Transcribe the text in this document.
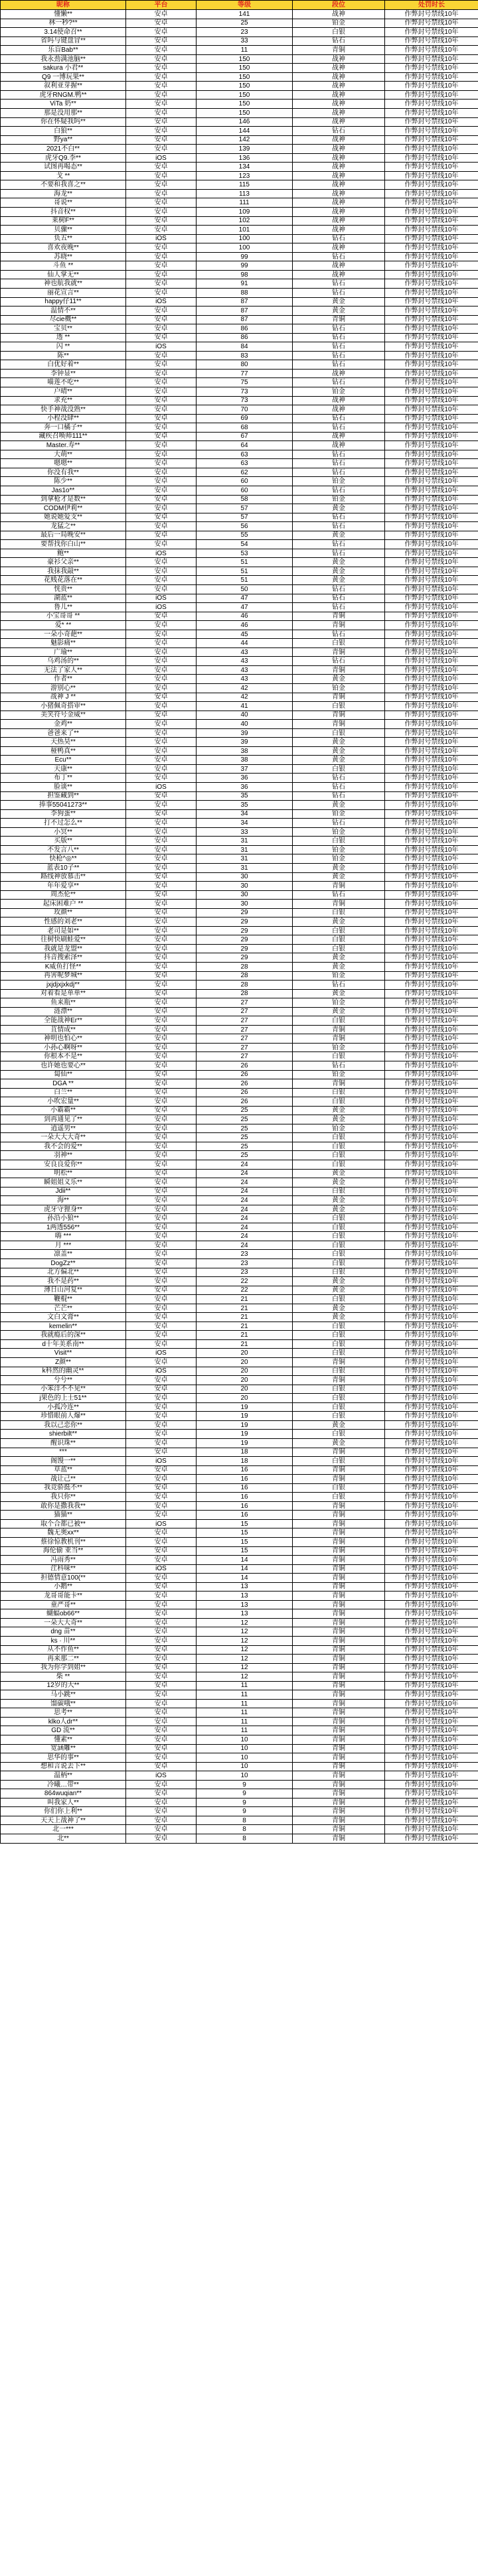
昵称	平台	等级	段位	处罚时长
懂懒**	安卓	141	战神	作弊封号禁线10年
林一秒?**	安卓	25	铂金	作弊封号禁线10年
3.14使命召**	安卓	23	白银	作弊封号禁线10年
省吗与键盘冒**	安卓	33	钻石	作弊封号禁线10年
乐盲Bab**	安卓	11	青铜	作弊封号禁线10年
我永劲满池脑**	安卓	150	战神	作弊封号禁线10年
sakura 小君**	安卓	150	战神	作弊封号禁线10年
Q9 一博玩果**	安卓	150	战神	作弊封号禁线10年
叙利亚芽握**	安卓	150	战神	作弊封号禁线10年
虎牙RNGM.鸭**	安卓	150	战神	作弊封号禁线10年
ViTa 奶**	安卓	150	战神	作弊封号禁线10年
那是没用那**	安卓	150	战神	作弊封号禁线10年
你在怀疑我吗**	安卓	146	战神	作弊封号禁线10年
白狼**	安卓	144	钻石	作弊封号禁线10年
野ya**	安卓	142	战神	作弊封号禁线10年
2021不白**	安卓	139	战神	作弊封号禁线10年
虎牙Q9.李**	iOS	136	战神	作弊封号禁线10年
试图再喝态**	安卓	134	战神	作弊封号禁线10年
戈 **	安卓	123	战神	作弊封号禁线10年
不要和我喜之**	安卓	115	战神	作弊封号禁线10年
海龙**	安卓	113	战神	作弊封号禁线10年
哥说**	安卓	111	战神	作弊封号禁线10年
抖音权**	安卓	109	战神	作弊封号禁线10年
莱树F**	安卓	102	战神	作弊封号禁线10年
贝骤**	安卓	101	战神	作弊封号禁线10年
负五**	iOS	100	钻石	作弊封号禁线10年
喜欢夜晚**	安卓	100	战神	作弊封号禁线10年
苏晓**	安卓	99	钻石	作弊封号禁线10年
斗鱼 **	安卓	99	战神	作弊封号禁线10年
仙人掌无**	安卓	98	战神	作弊封号禁线10年
神也航我就**	安卓	91	钻石	作弊封号禁线10年
丽花宣言**	安卓	88	钻石	作弊封号禁线10年
happy仔11**	iOS	87	黄金	作弊封号禁线10年
温情不**	安卓	87	黄金	作弊封号禁线10年
尽cie概**	安卓	87	青铜	作弊封号禁线10年
宝贝**	安卓	86	钻石	作弊封号禁线10年
透 **	安卓	86	钻石	作弊封号禁线10年
闪 **	iOS	84	钻石	作弊封号禁线10年
陈**	安卓	83	钻石	作弊封号禁线10年
白优好着**	安卓	80	钻石	作弊封号禁线10年
李钟显**	安卓	77	战神	作弊封号禁线10年
喵莲不吃**	安卓	75	钻石	作弊封号禁线10年
户晴**	安卓	73	铂金	作弊封号禁线10年
求充**	安卓	73	战神	作弊封号禁线10年
快手神战没熟**	安卓	70	战神	作弊封号禁线10年
小程没肆**	安卓	69	钻石	作弊封号禁线10年
奔一口橘子**	安卓	68	钻石	作弊封号禁线10年
藏疾召唤师111**	安卓	67	战神	作弊封号禁线10年
Master.寿**	安卓	64	战神	作弊封号禁线10年
大萌**	安卓	63	钻石	作弊封号禁线10年
嗯嗯**	安卓	63	钻石	作弊封号禁线10年
你没有我**	安卓	62	钻石	作弊封号禁线10年
陈少**	安卓	60	铂金	作弊封号禁线10年
Jas1o**	安卓	60	钻石	作弊封号禁线10年
到拿枪才是数**	安卓	58	铂金	作弊封号禁线10年
CODM伊莉**	安卓	57	黄金	作弊封号禁线10年
她说她爱支**	安卓	57	钻石	作弊封号禁线10年
龙猛之**	安卓	56	钻石	作弊封号禁线10年
最后一局晚安**	安卓	55	黄金	作弊封号禁线10年
要帮找你白山**	安卓	54	钻石	作弊封号禁线10年
鲍**	iOS	53	钻石	作弊封号禁线10年
豪衫父亲**	安卓	51	黄金	作弊封号禁线10年
我抹我敲**	安卓	51	黄金	作弊封号禁线10年
花贱花落在**	安卓	51	黄金	作弊封号禁线10年
恍贵**	安卓	50	钻石	作弊封号禁线10年
湖蓝**	iOS	47	钻石	作弊封号禁线10年
鲁儿**	iOS	47	钻石	作弊封号禁线10年
小宝哥哥 **	安卓	46	青铜	作弊封号禁线10年
爱* **	安卓	46	青铜	作弊封号禁线10年
一朵小奇葩**	安卓	45	钻石	作弊封号禁线10年
魅影痛**	安卓	44	白银	作弊封号禁线10年
广瑜**	安卓	43	青铜	作弊封号禁线10年
乌鸡汤的**	安卓	43	钻石	作弊封号禁线10年
无法了家人**	安卓	43	青铜	作弊封号禁线10年
作者**	安卓	43	黄金	作弊封号禁线10年
游别心**	安卓	42	铂金	作弊封号禁线10年
战神 J **	安卓	42	青铜	作弊封号禁线10年
小猪佩奇搭审**	安卓	41	白银	作弊封号禁线10年
美笑符号金威**	安卓	40	青铜	作弊封号禁线10年
金鸡**	安卓	40	青铜	作弊封号禁线10年
爸爸来了**	安卓	39	白银	作弊封号禁线10年
天热昊**	安卓	39	黄金	作弊封号禁线10年
桠鸭真**	安卓	38	黄金	作弊封号禁线10年
Ecu**	安卓	38	黄金	作弊封号禁线10年
天康**	安卓	37	白银	作弊封号禁线10年
布丁**	安卓	36	钻石	作弊封号禁线10年
脸谈**	iOS	36	钻石	作弊封号禁线10年
担鉴藏到**	安卓	35	钻石	作弊封号禁线10年
捧事55041273**	安卓	35	黄金	作弊封号禁线10年
李狗蛋**	安卓	34	铂金	作弊封号禁线10年
打不过怎么**	安卓	34	钻石	作弊封号禁线10年
小冥**	安卓	33	铂金	作弊封号禁线10年
买版**	安卓	31	白银	作弊封号禁线10年
不发言八**	安卓	31	铂金	作弊封号禁线10年
快枪^◎**	安卓	31	铂金	作弊封号禁线10年
蓝表10子**	安卓	31	黄金	作弊封号禁线10年
路线神放慕击**	安卓	30	黄金	作弊封号禁线10年
年年爱享**	安卓	30	青铜	作弊封号禁线10年
周杰伦**	安卓	30	钻石	作弊封号禁线10年
起床困难户 **	安卓	30	青铜	作弊封号禁线10年
玫颜**	安卓	29	白银	作弊封号禁线10年
性感的刘老**	安卓	29	黄金	作弊封号禁线10年
老司是如**	安卓	29	白银	作弊封号禁线10年
往树快刷蛙爱**	安卓	29	白银	作弊封号禁线10年
我就是龙盟**	安卓	29	白银	作弊封号禁线10年
抖音搜索泽**	安卓	29	黄金	作弊封号禁线10年
K威鱼打怪**	安卓	28	黄金	作弊封号禁线10年
再害呢梦城**	安卓	28	铂金	作弊封号禁线10年
jxjdjxjxkdj**	安卓	28	钻石	作弊封号禁线10年
对着看是单单**	安卓	28	黄金	作弊封号禁线10年
鱼来瓶**	安卓	27	铂金	作弊封号禁线10年
涟漂**	安卓	27	黄金	作弊封号禁线10年
全能战神Er**	安卓	27	白银	作弊封号禁线10年
苴情成**	安卓	27	青铜	作弊封号禁线10年
神明也怕心**	安卓	27	青铜	作弊封号禁线10年
小孙心啊呀**	安卓	27	铂金	作弊封号禁线10年
你根本不是**	安卓	27	白银	作弊封号禁线10年
也许她也要心**	安卓	26	钻石	作弊封号禁线10年
匐仙**	安卓	26	铂金	作弊封号禁线10年
DGA **	安卓	26	青铜	作弊封号禁线10年
白兰**	安卓	26	白银	作弊封号禁线10年
小吹宏量**	安卓	26	白银	作弊封号禁线10年
小霸霸**	安卓	25	黄金	作弊封号禁线10年
到再通见了**	安卓	25	黄金	作弊封号禁线10年
逍遥男**	安卓	25	铂金	作弊封号禁线10年
一朵大大大奇**	安卓	25	白银	作弊封号禁线10年
我不会的爱**	安卓	25	白银	作弊封号禁线10年
羽神**	安卓	25	白银	作弊封号禁线10年
安良良爱你**	安卓	24	白银	作弊封号禁线10年
明松**	安卓	24	黄金	作弊封号禁线10年
瞬姐姐义乐**	安卓	24	黄金	作弊封号禁线10年
Jdii**	安卓	24	白银	作弊封号禁线10年
海**	安卓	24	黄金	作弊封号禁线10年
虎牙守狸身**	安卓	24	黄金	作弊封号禁线10年
孙沿小狼**	安卓	24	白银	作弊封号禁线10年
1两透556**	安卓	24	白银	作弊封号禁线10年
嗨 ***	安卓	24	白银	作弊封号禁线10年
月 ***	安卓	24	白银	作弊封号禁线10年
凛盖**	安卓	23	白银	作弊封号禁线10年
DogZz**	安卓	23	白银	作弊封号禁线10年
北方偏北**	安卓	23	白银	作弊封号禁线10年
我不是药**	安卓	22	黄金	作弊封号禁线10年
薄日山河复**	安卓	22	黄金	作弊封号禁线10年
鞭棍**	安卓	21	白银	作弊封号禁线10年
芒芒**	安卓	21	黄金	作弊封号禁线10年
文白文膏**	安卓	21	黄金	作弊封号禁线10年
kemelin**	安卓	21	白银	作弊封号禁线10年
我就瘾后的深**	安卓	21	白银	作弊封号禁线10年
d十年美系南**	安卓	21	白银	作弊封号禁线10年
Visit**	iOS	20	白银	作弊封号禁线10年
Z颜**	安卓	20	青铜	作弊封号禁线10年
k科然的幽灵**	iOS	20	白银	作弊封号禁线10年
兮兮**	安卓	20	青铜	作弊封号禁线10年
小笨洋不不见**	安卓	20	白银	作弊封号禁线10年
j果色的上士51**	安卓	20	白银	作弊封号禁线10年
小孤冷连**	安卓	19	白银	作弊封号禁线10年
珍惜眼前人爆**	安卓	19	白银	作弊封号禁线10年
我以己恋你**	安卓	19	黄金	作弊封号禁线10年
shierbilt**	安卓	19	白银	作弊封号禁线10年
醒识珠**	安卓	19	黄金	作弊封号禁线10年
***	安卓	18	青铜	作弊封号禁线10年
阁馒一**	iOS	18	白银	作弊封号禁线10年
草蓝**	安卓	16	青铜	作弊封号禁线10年
战让己**	安卓	16	青铜	作弊封号禁线10年
我竞骄挺不**	安卓	16	白银	作弊封号禁线10年
我只你**	安卓	16	白银	作弊封号禁线10年
敢你是撒我我**	安卓	16	青铜	作弊封号禁线10年
猫猫**	安卓	16	青铜	作弊封号禁线10年
取个合都已被**	iOS	15	青铜	作弊封号禁线10年
魏无奥xx**	安卓	15	青铜	作弊封号禁线10年
蔡徐惊教机刊**	安卓	15	青铜	作弊封号禁线10年
海伦偷 亚当**	安卓	15	青铜	作弊封号禁线10年
冯雨秀**	安卓	14	青铜	作弊封号禁线10年
茳科味**	iOS	14	青铜	作弊封号禁线10年
担德情意100(**	安卓	14	青铜	作弊封号禁线10年
小鹅**	安卓	13	青铜	作弊封号禁线10年
龙哥哥能卡**	安卓	13	青铜	作弊封号禁线10年
童严哥**	安卓	13	青铜	作弊封号禁线10年
蝴蝠ob66**	安卓	13	青铜	作弊封号禁线10年
一朵大大奇**	安卓	12	青铜	作弊封号禁线10年
dng 苗**	安卓	12	青铜	作弊封号禁线10年
ks · 川**	安卓	12	青铜	作弊封号禁线10年
从不作鱼**	安卓	12	青铜	作弊封号禁线10年
再来那二**	安卓	12	青铜	作弊封号禁线10年
我为你学到姐**	安卓	12	青铜	作弊封号禁线10年
柴 **	安卓	12	青铜	作弊封号禁线10年
12岁的大**	安卓	11	青铜	作弊封号禁线10年
马小跳**	安卓	11	青铜	作弊封号禁线10年
馏碳哦**	安卓	11	青铜	作弊封号禁线10年
思考**	安卓	11	青铜	作弊封号禁线10年
klko人dr**	安卓	11	青铜	作弊封号禁线10年
GD 流**	安卓	11	青铜	作弊封号禁线10年
懂素**	安卓	10	青铜	作弊封号禁线10年
宽涵雕**	安卓	10	青铜	作弊封号禁线10年
思华的事**	安卓	10	青铜	作弊封号禁线10年
想和言说去下**	安卓	10	青铜	作弊封号禁线10年
温柄**	iOS	10	青铜	作弊封号禁线10年
冷曦…带**	安卓	9	青铜	作弊封号禁线10年
864wuqian**	安卓	9	青铜	作弊封号禁线10年
叫我家人**	安卓	9	青铜	作弊封号禁线10年
你们你上利**	安卓	9	青铜	作弊封号禁线10年
天天上战神了**	安卓	8	青铜	作弊封号禁线10年
北一***	安卓	8	青铜	作弊封号禁线10年
北**	安卓	8	青铜	作弊封号禁线10年
